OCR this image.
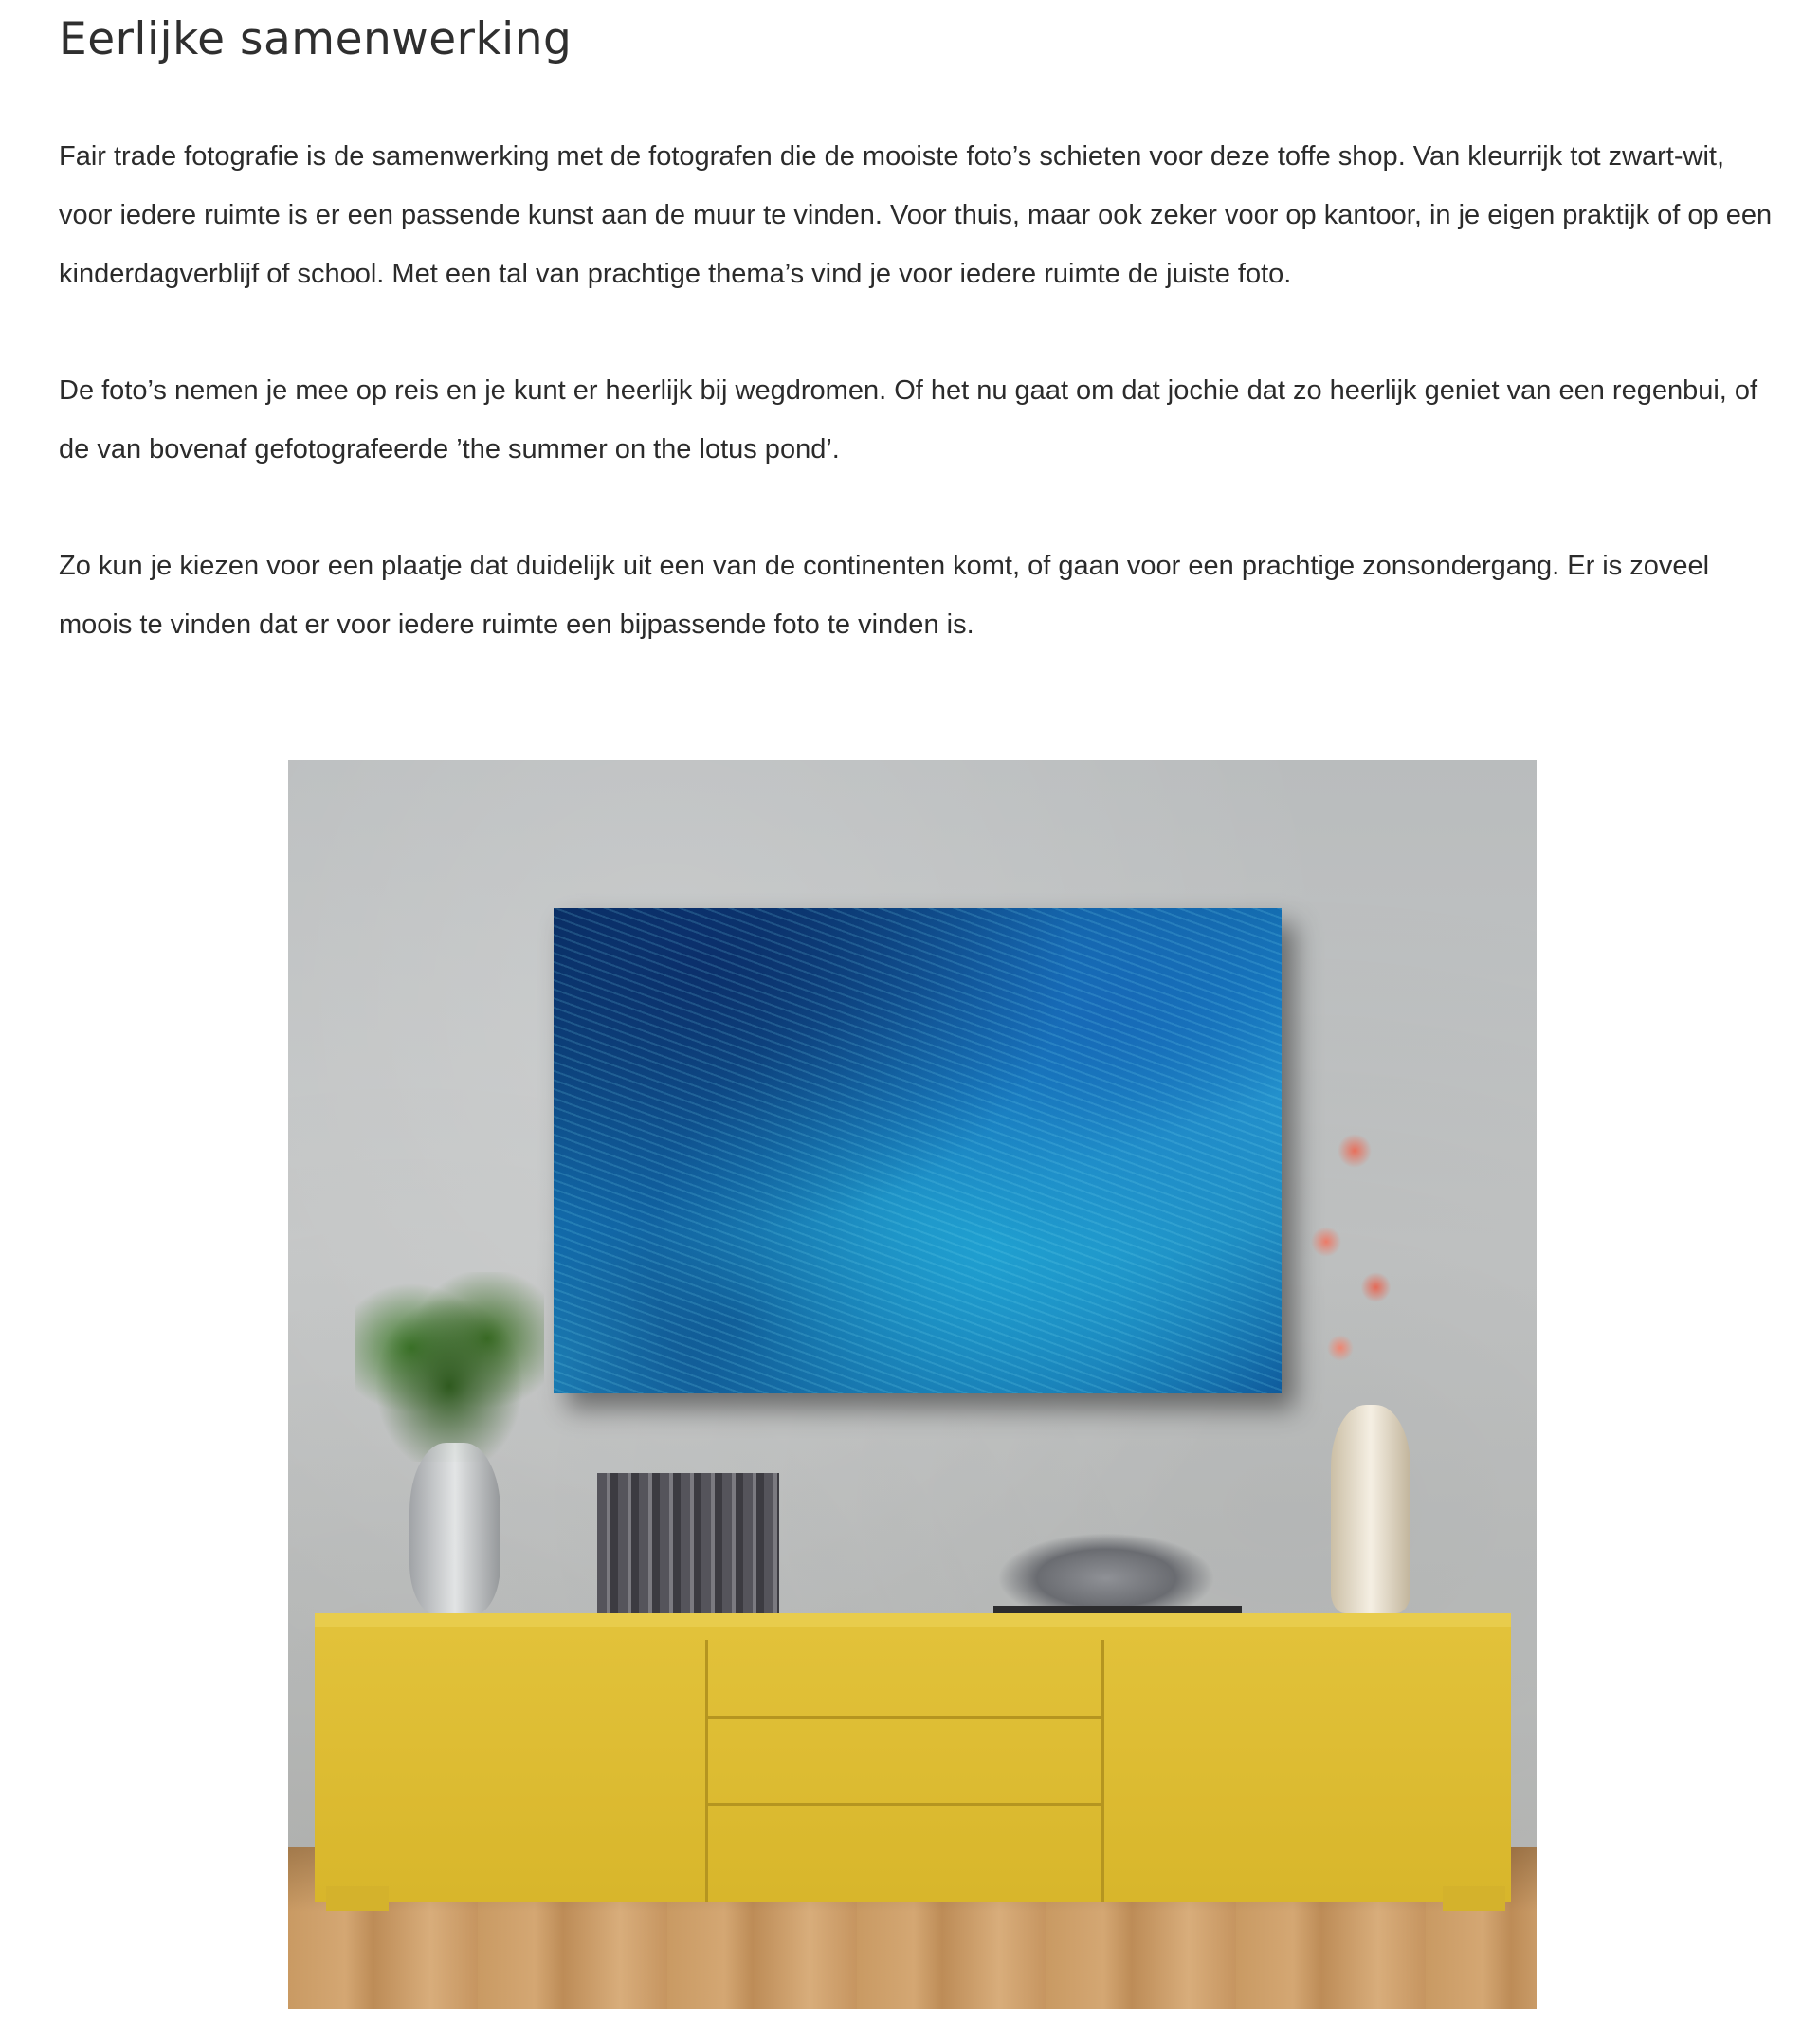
Eerlijke samenwerking

Fair trade fotografie is de samenwerking met de fotografen die de mooiste foto’s schieten voor deze toffe shop. Van kleurrijk tot zwart-wit, voor iedere ruimte is er een passende kunst aan de muur te vinden. Voor thuis, maar ook zeker voor op kantoor, in je eigen praktijk of op een kinderdagverblijf of school. Met een tal van prachtige thema’s vind je voor iedere ruimte de juiste foto.

De foto’s nemen je mee op reis en je kunt er heerlijk bij wegdromen. Of het nu gaat om dat jochie dat zo heerlijk geniet van een regenbui, of de van bovenaf gefotografeerde ’the summer on the lotus pond’.

Zo kun je kiezen voor een plaatje dat duidelijk uit een van de continenten komt, of gaan voor een prachtige zonsondergang. Er is zoveel moois te vinden dat er voor iedere ruimte een bijpassende foto te vinden is.
